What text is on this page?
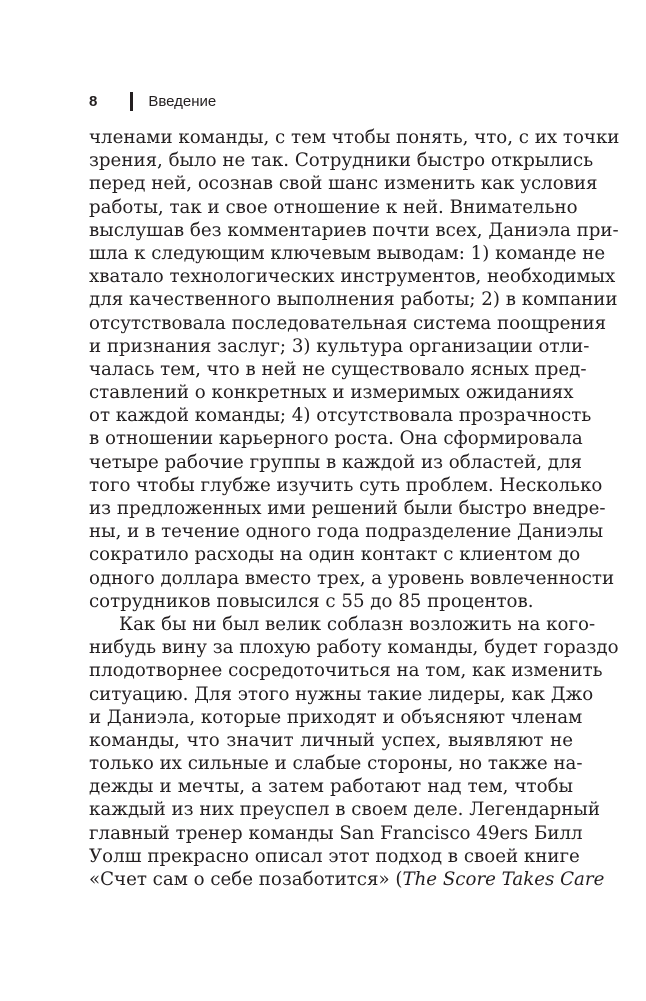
8	Введение
членами команды, с тем чтобы понять, что, с их точки
зрения, было не так. Сотрудники быстро открылись
перед ней, осознав свой шанс изменить как условия
работы, так и свое отношение к ней. Внимательно
выслушав без комментариев почти всех, Даниэла при-
шла к следующим ключевым выводам: 1) команде не
хватало технологических инструментов, необходимых
для качественного выполнения работы; 2) в компании
отсутствовала последовательная система поощрения
и признания заслуг; 3) культура организации отли-
чалась тем, что в ней не существовало ясных пред-
ставлений о конкретных и измеримых ожиданиях
от каждой команды; 4) отсутствовала прозрачность
в отношении карьерного роста. Она сформировала
четыре рабочие группы в каждой из областей, для
того чтобы глубже изучить суть проблем. Несколько
из предложенных ими решений были быстро внедре-
ны, и в течение одного года подразделение Даниэлы
сократило расходы на один контакт с клиентом до
одного доллара вместо трех, а уровень вовлеченности
сотрудников повысился с 55 до 85 процентов.
Как бы ни был велик соблазн возложить на кого-
нибудь вину за плохую работу команды, будет гораздо
плодотворнее сосредоточиться на том, как изменить
ситуацию. Для этого нужны такие лидеры, как Джо
и Даниэла, которые приходят и объясняют членам
команды, что значит личный успех, выявляют не
только их сильные и слабые стороны, но также на-
дежды и мечты, а затем работают над тем, чтобы
каждый из них преуспел в своем деле. Легендарный
главный тренер команды San Francisco 49ers Билл
Уолш прекрасно описал этот подход в своей книге
«Счет сам о себе позаботится» (The Score Takes Care
